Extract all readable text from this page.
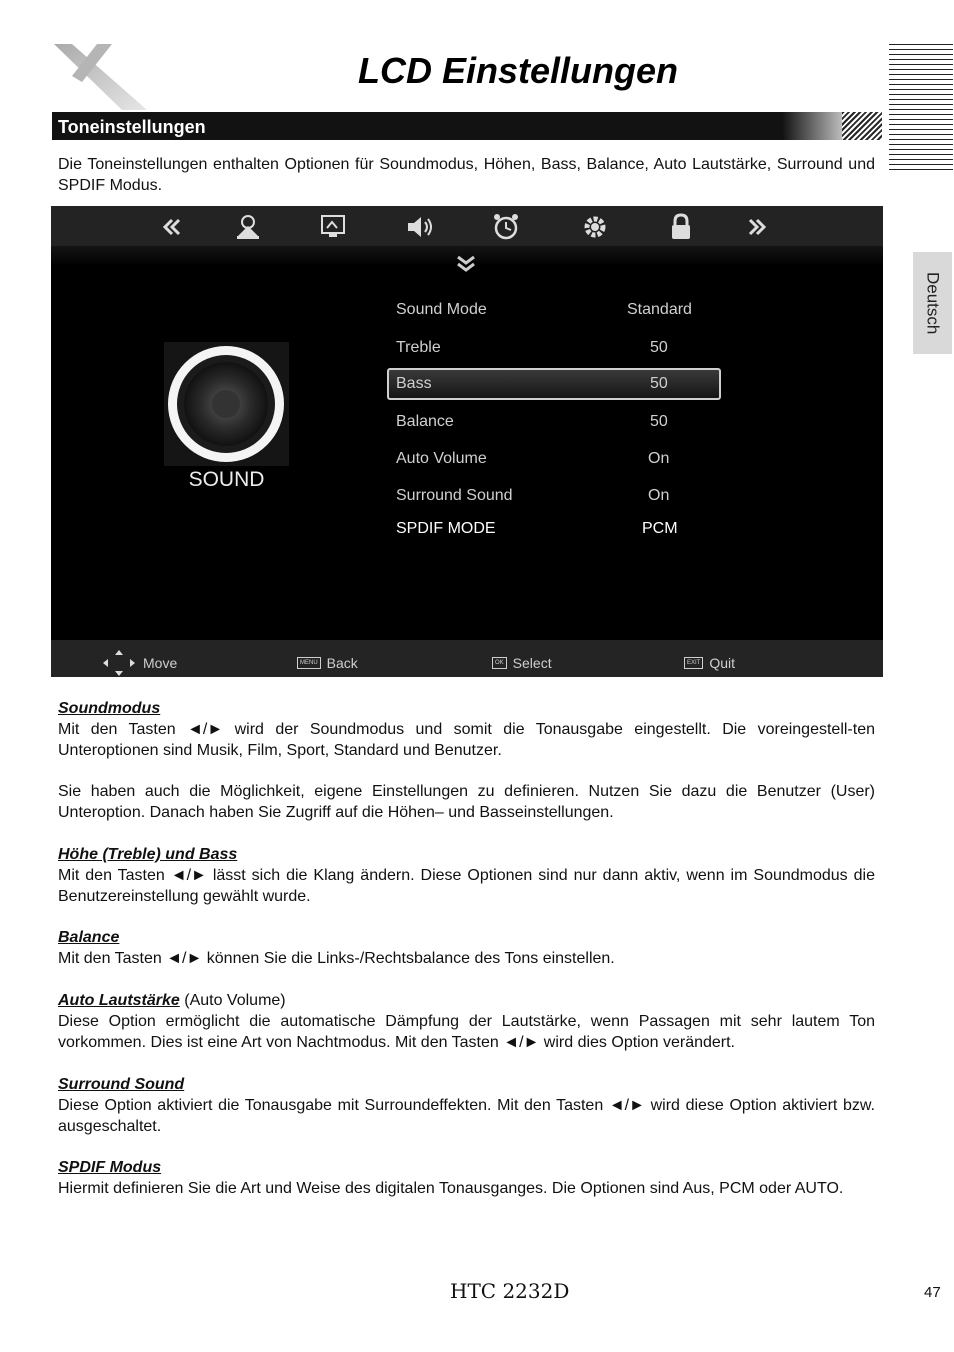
LCD Einstellungen
Deutsch
Toneinstellungen

Die Toneinstellungen enthalten Optionen für Soundmodus, Höhen, Bass, Balance, Auto Lautstärke, Surround und SPDIF Modus.

SOUND
Sound Mode	Standard
Treble	50
Bass	50
Balance	50
Auto Volume	On
Surround Sound	On
SPDIF MODE	PCM
Move	MENU Back	OK Select	EXIT Quit
Soundmodus
Mit den Tasten ◄/► wird der Soundmodus und somit die Tonausgabe eingestellt. Die voreingestell-ten Unteroptionen sind Musik, Film, Sport, Standard und Benutzer.
Sie haben auch die Möglichkeit, eigene Einstellungen zu definieren. Nutzen Sie dazu die Benutzer (User) Unteroption. Danach haben Sie Zugriff auf die Höhen– und Basseinstellungen.
Höhe (Treble) und Bass
Mit den Tasten ◄/► lässt sich die Klang ändern. Diese Optionen sind nur dann aktiv, wenn im Soundmodus die Benutzereinstellung gewählt wurde.
Balance
Mit den Tasten ◄/► können Sie die Links-/Rechtsbalance des Tons einstellen.
Auto Lautstärke (Auto Volume)
Diese Option ermöglicht die automatische Dämpfung der Lautstärke, wenn Passagen mit sehr lautem Ton vorkommen. Dies ist eine Art von Nachtmodus. Mit den Tasten ◄/► wird dies Option verändert.
Surround Sound
Diese Option aktiviert die Tonausgabe mit Surroundeffekten. Mit den Tasten ◄/► wird diese Option aktiviert bzw. ausgeschaltet.
SPDIF Modus
Hiermit definieren Sie die Art und Weise des digitalen Tonausganges. Die Optionen sind Aus, PCM oder AUTO.
HTC 2232D	47
